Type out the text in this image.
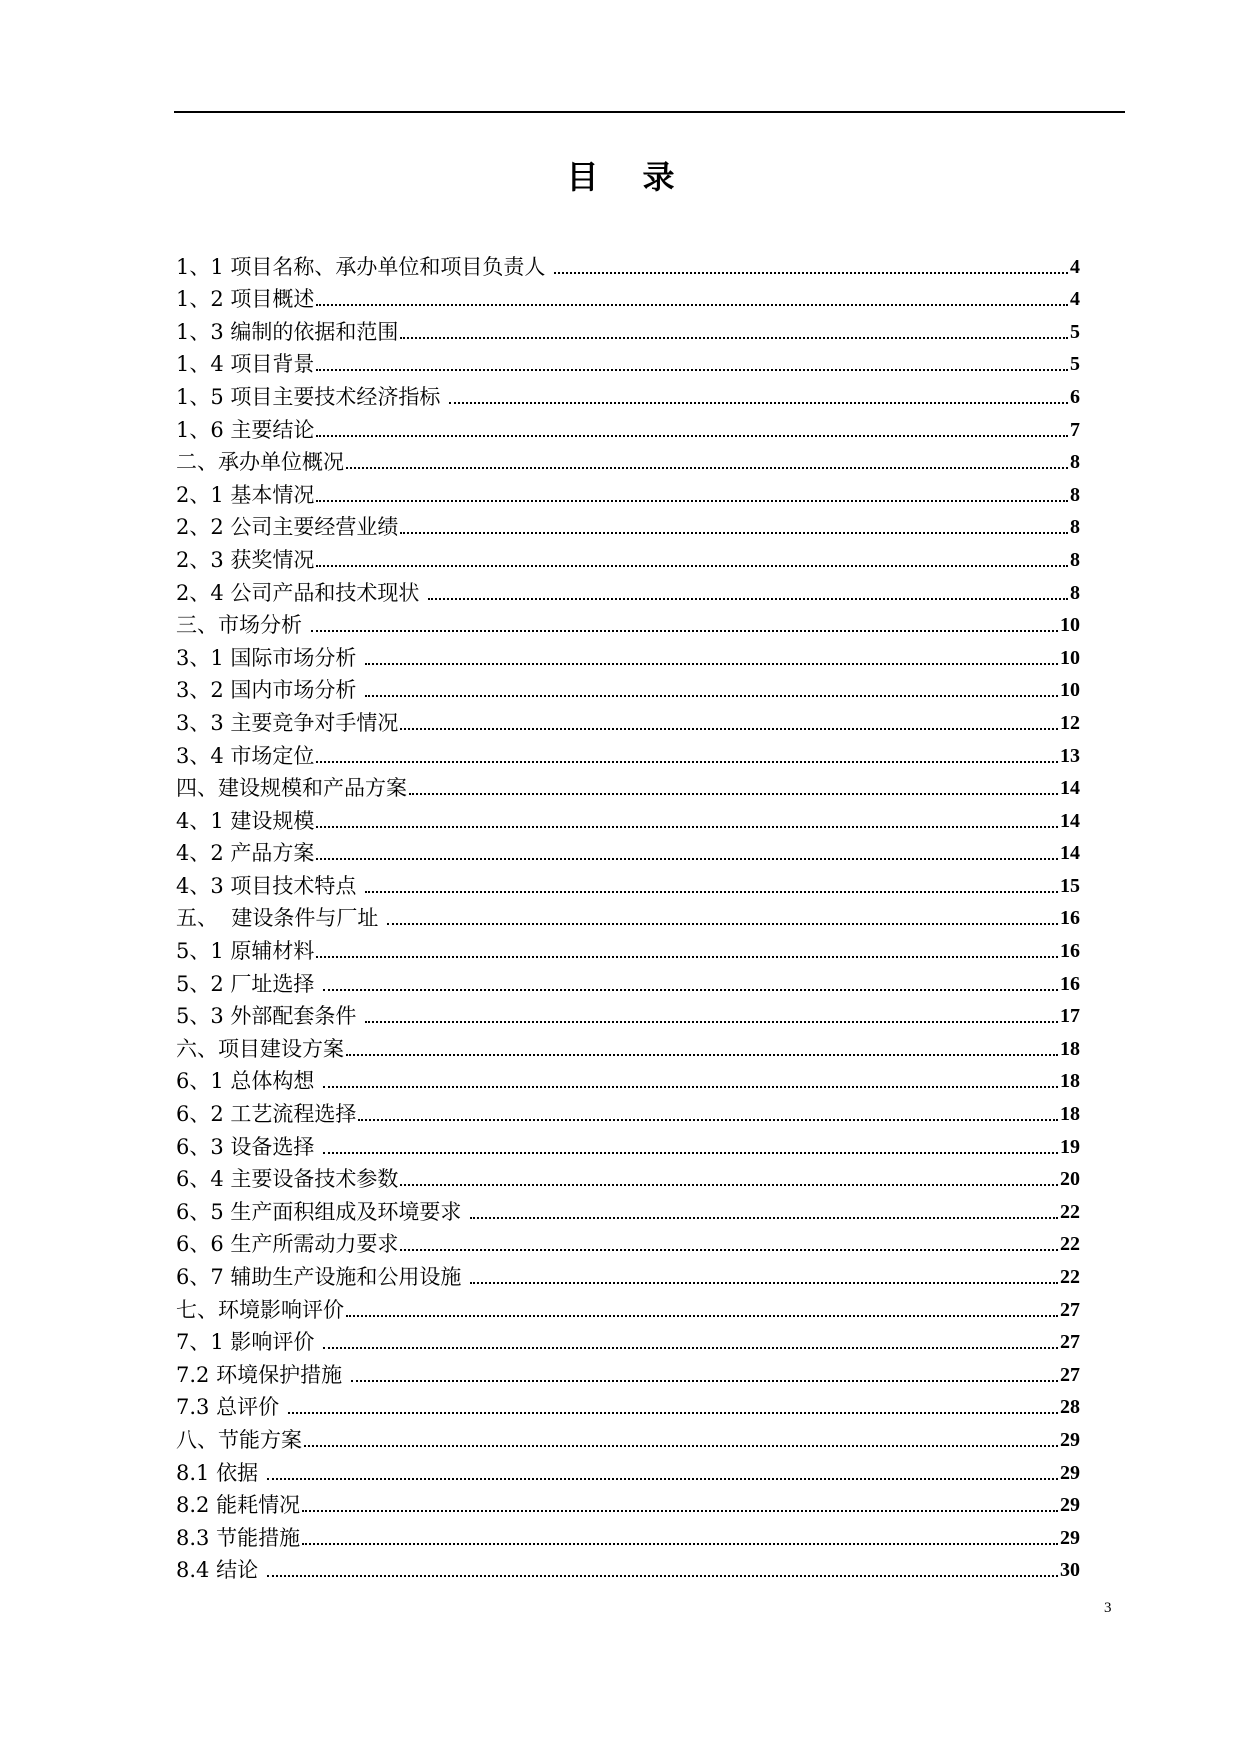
目 录
1、1 项目名称、承办单位和项目负责人	4
1、2 项目概述	4
1、3 编制的依据和范围	5
1、4 项目背景	5
1、5 项目主要技术经济指标	6
1、6 主要结论	7
二、承办单位概况	8
2、1 基本情况	8
2、2 公司主要经营业绩	8
2、3 获奖情况	8
2、4 公司产品和技术现状	8
三、市场分析	10
3、1 国际市场分析	10
3、2 国内市场分析	10
3、3 主要竞争对手情况	12
3、4 市场定位	13
四、建设规模和产品方案	14
4、1 建设规模	14
4、2 产品方案	14
4、3 项目技术特点	15
五、  建设条件与厂址	16
5、1 原辅材料	16
5、2 厂址选择	16
5、3 外部配套条件	17
六、项目建设方案	18
6、1 总体构想	18
6、2 工艺流程选择	18
6、3 设备选择	19
6、4 主要设备技术参数	20
6、5 生产面积组成及环境要求	22
6、6 生产所需动力要求	22
6、7 辅助生产设施和公用设施	22
七、环境影响评价	27
7、1 影响评价	27
7.2 环境保护措施	27
7.3 总评价	28
八、节能方案	29
8.1 依据	29
8.2 能耗情况	29
8.3 节能措施	29
8.4 结论	30
3
